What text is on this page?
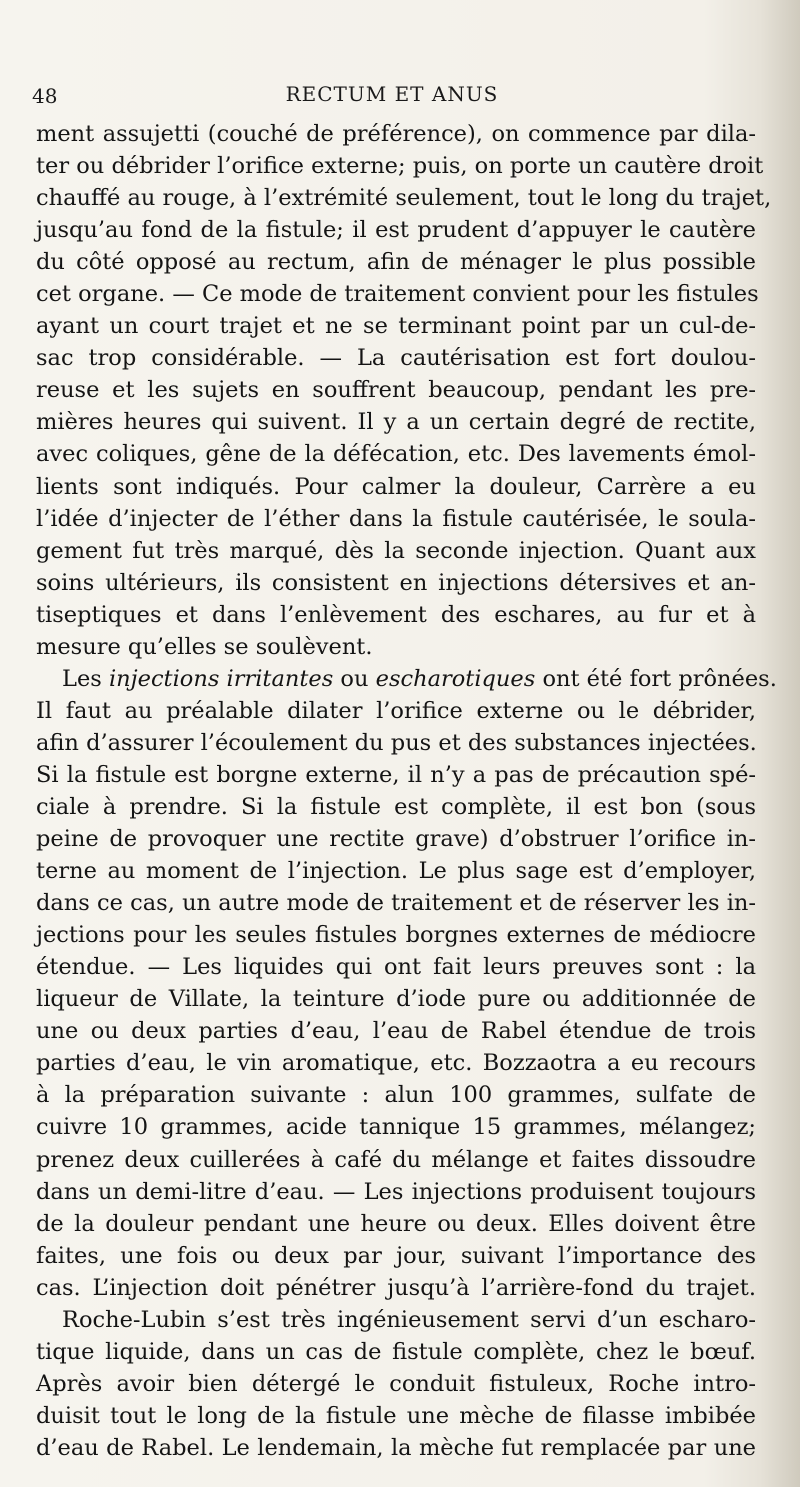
48	RECTUM ET ANUS
ment assujetti (couché de préférence), on commence par dila-
ter ou débrider l’orifice externe; puis, on porte un cautère droit
chauffé au rouge, à l’extrémité seulement, tout le long du trajet,
jusqu’au fond de la fistule; il est prudent d’appuyer le cautère
du côté opposé au rectum, afin de ménager le plus possible
cet organe. — Ce mode de traitement convient pour les fistules
ayant un court trajet et ne se terminant point par un cul-de-
sac trop considérable. — La cautérisation est fort doulou-
reuse et les sujets en souffrent beaucoup, pendant les pre-
mières heures qui suivent. Il y a un certain degré de rectite,
avec coliques, gêne de la défécation, etc. Des lavements émol-
lients sont indiqués. Pour calmer la douleur, Carrère a eu
l’idée d’injecter de l’éther dans la fistule cautérisée, le soula-
gement fut très marqué, dès la seconde injection. Quant aux
soins ultérieurs, ils consistent en injections détersives et an-
tiseptiques et dans l’enlèvement des eschares, au fur et à
mesure qu’elles se soulèvent.
Les injections irritantes ou escharotiques ont été fort prônées.
Il faut au préalable dilater l’orifice externe ou le débrider,
afin d’assurer l’écoulement du pus et des substances injectées.
Si la fistule est borgne externe, il n’y a pas de précaution spé-
ciale à prendre. Si la fistule est complète, il est bon (sous
peine de provoquer une rectite grave) d’obstruer l’orifice in-
terne au moment de l’injection. Le plus sage est d’employer,
dans ce cas, un autre mode de traitement et de réserver les in-
jections pour les seules fistules borgnes externes de médiocre
étendue. — Les liquides qui ont fait leurs preuves sont : la
liqueur de Villate, la teinture d’iode pure ou additionnée de
une ou deux parties d’eau, l’eau de Rabel étendue de trois
parties d’eau, le vin aromatique, etc. Bozzaotra a eu recours
à la préparation suivante : alun 100 grammes, sulfate de
cuivre 10 grammes, acide tannique 15 grammes, mélangez;
prenez deux cuillerées à café du mélange et faites dissoudre
dans un demi-litre d’eau. — Les injections produisent toujours
de la douleur pendant une heure ou deux. Elles doivent être
faites, une fois ou deux par jour, suivant l’importance des
cas. L’injection doit pénétrer jusqu’à l’arrière-fond du trajet.
Roche-Lubin s’est très ingénieusement servi d’un escharo-
tique liquide, dans un cas de fistule complète, chez le bœuf.
Après avoir bien détergé le conduit fistuleux, Roche intro-
duisit tout le long de la fistule une mèche de filasse imbibée
d’eau de Rabel. Le lendemain, la mèche fut remplacée par une
